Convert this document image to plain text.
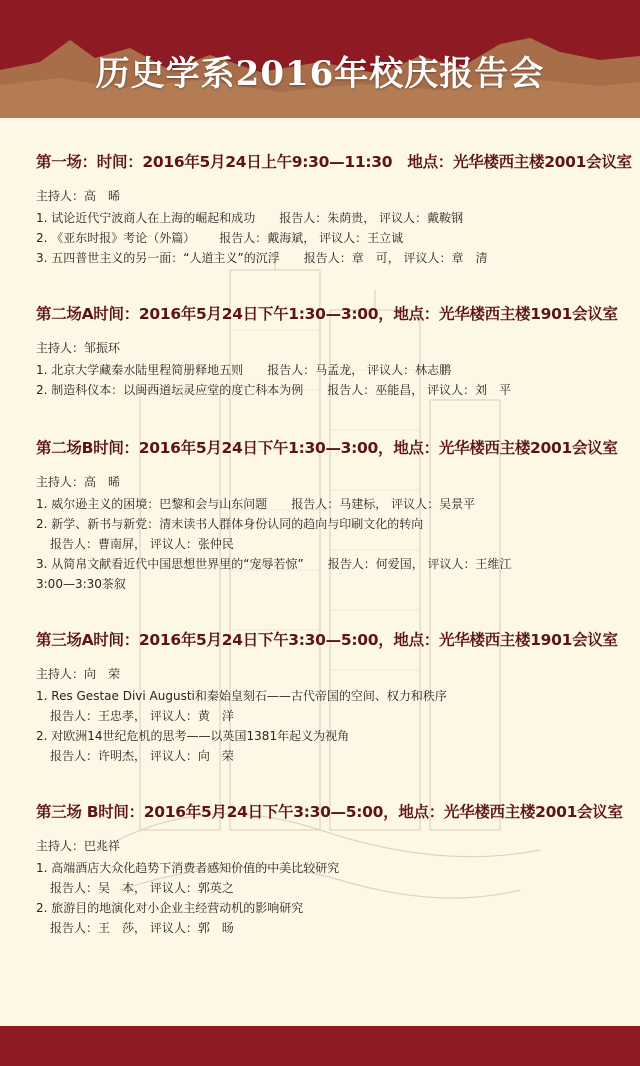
历史学系2016年校庆报告会
第一场：时间：2016年5月24日上午9:30—11:30　地点：光华楼西主楼2001会议室
主持人：高　晞
1. 试论近代宁波商人在上海的崛起和成功 报告人：朱荫贵， 评议人：戴鞍钢
2. 《亚东时报》考论（外篇） 报告人：戴海斌， 评议人：王立诚
3. 五四普世主义的另一面：“人道主义”的沉浮 报告人：章　可， 评议人：章　清
第二场A时间：2016年5月24日下午1:30—3:00，地点：光华楼西主楼1901会议室
主持人：邹振环
1. 北京大学藏秦水陆里程简册释地五则 报告人：马孟龙， 评议人：林志鹏
2. 制造科仪本：以闽西道坛灵应堂的度亡科本为例 报告人：巫能昌， 评议人：刘　平
第二场B时间：2016年5月24日下午1:30—3:00，地点：光华楼西主楼2001会议室
主持人：高　晞
1. 威尔逊主义的困境：巴黎和会与山东问题 报告人：马建标， 评议人：吴景平
2. 新学、新书与新党：清末读书人群体身份认同的趋向与印刷文化的转向
报告人：曹南屏， 评议人：张仲民
3. 从简帛文献看近代中国思想世界里的“宠辱若惊” 报告人：何爱国， 评议人：王维江
3:00—3:30茶叙
第三场A时间：2016年5月24日下午3:30—5:00，地点：光华楼西主楼1901会议室
主持人：向　荣
1. Res Gestae Divi Augusti和秦始皇刻石——古代帝国的空间、权力和秩序
报告人：王忠孝， 评议人：黄　洋
2. 对欧洲14世纪危机的思考——以英国1381年起义为视角
报告人：许明杰， 评议人：向　荣
第三场 B时间：2016年5月24日下午3:30—5:00，地点：光华楼西主楼2001会议室
主持人：巴兆祥
1. 高端酒店大众化趋势下消费者感知价值的中美比较研究
报告人：吴　本， 评议人：郭英之
2. 旅游目的地演化对小企业主经营动机的影响研究
报告人：王　莎， 评议人：郭　旸
